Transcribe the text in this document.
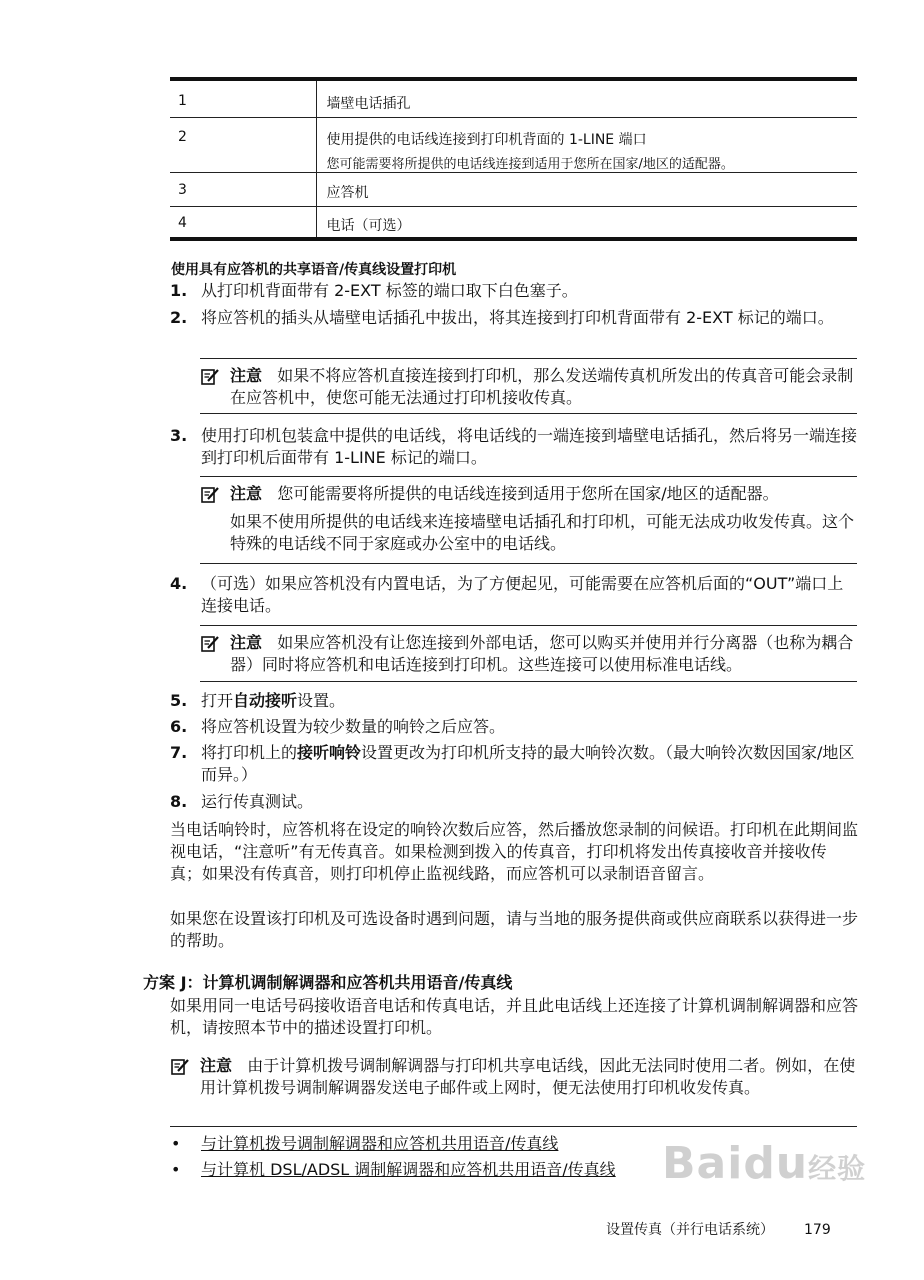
1	墙壁电话插孔
2	使用提供的电话线连接到打印机背面的 1-LINE 端口
您可能需要将所提供的电话线连接到适用于您所在国家/地区的适配器。

3	应答机
4	电话（可选）
使用具有应答机的共享语音/传真线设置打印机
1. 从打印机背面带有 2-EXT 标签的端口取下白色塞子。
2. 将应答机的插头从墙壁电话插孔中拔出，将其连接到打印机背面带有 2-EXT 标记的端口。
注意 如果不将应答机直接连接到打印机，那么发送端传真机所发出的传真音可能会录制在应答机中，使您可能无法通过打印机接收传真。
3. 使用打印机包装盒中提供的电话线，将电话线的一端连接到墙壁电话插孔，然后将另一端连接到打印机后面带有 1-LINE 标记的端口。
注意 您可能需要将所提供的电话线连接到适用于您所在国家/地区的适配器。
如果不使用所提供的电话线来连接墙壁电话插孔和打印机，可能无法成功收发传真。这个特殊的电话线不同于家庭或办公室中的电话线。
4. （可选）如果应答机没有内置电话，为了方便起见，可能需要在应答机后面的“OUT”端口上连接电话。
注意 如果应答机没有让您连接到外部电话，您可以购买并使用并行分离器（也称为耦合器）同时将应答机和电话连接到打印机。这些连接可以使用标准电话线。
5. 打开自动接听设置。
6. 将应答机设置为较少数量的响铃之后应答。
7. 将打印机上的接听响铃设置更改为打印机所支持的最大响铃次数。（最大响铃次数因国家/地区而异。）
8. 运行传真测试。
当电话响铃时，应答机将在设定的响铃次数后应答，然后播放您录制的问候语。打印机在此期间监视电话，“注意听”有无传真音。如果检测到拨入的传真音，打印机将发出传真接收音并接收传真；如果没有传真音，则打印机停止监视线路，而应答机可以录制语音留言。
如果您在设置该打印机及可选设备时遇到问题，请与当地的服务提供商或供应商联系以获得进一步的帮助。
方案 J：计算机调制解调器和应答机共用语音/传真线
如果用同一电话号码接收语音电话和传真电话，并且此电话线上还连接了计算机调制解调器和应答机，请按照本节中的描述设置打印机。
注意 由于计算机拨号调制解调器与打印机共享电话线，因此无法同时使用二者。例如，在使用计算机拨号调制解调器发送电子邮件或上网时，便无法使用打印机收发传真。
• 与计算机拨号调制解调器和应答机共用语音/传真线
• 与计算机 DSL/ADSL 调制解调器和应答机共用语音/传真线	Baidu经验
设置传真（并行电话系统） 179
